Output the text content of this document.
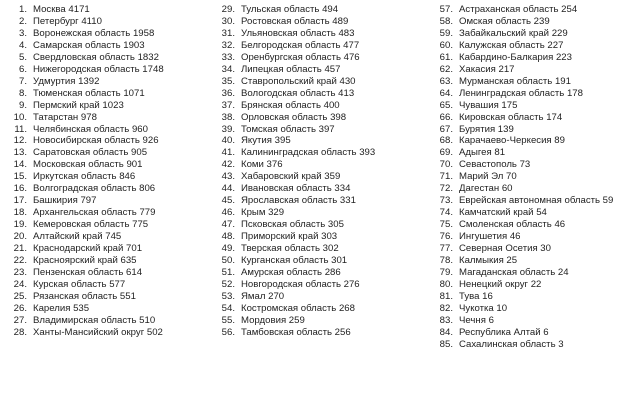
1. Москва 4171
2. Петербург 4110
3. Воронежская область 1958
4. Самарская область 1903
5. Свердловская область 1832
6. Нижегородская область 1748
7. Удмуртия 1392
8. Тюменская область 1071
9. Пермский край 1023
10. Татарстан 978
11. Челябинская область 960
12. Новосибирская область 926
13. Саратовская область 905
14. Московская область 901
15. Иркутская область 846
16. Волгоградская область 806
17. Башкирия 797
18. Архангельская область 779
19. Кемеровская область 775
20. Алтайский край 745
21. Краснодарский край 701
22. Красноярский край 635
23. Пензенская область 614
24. Курская область 577
25. Рязанская область 551
26. Карелия 535
27. Владимирская область 510
28. Ханты-Мансийский округ 502
29. Тульская область 494
30. Ростовская область 489
31. Ульяновская область 483
32. Белгородская область 477
33. Оренбургская область 476
34. Липецкая область 457
35. Ставропольский край 430
36. Вологодская область 413
37. Брянская область 400
38. Орловская область 398
39. Томская область 397
40. Якутия 395
41. Калининградская область 393
42. Коми 376
43. Хабаровский край 359
44. Ивановская область 334
45. Ярославская область 331
46. Крым 329
47. Псковская область 305
48. Приморский край 303
49. Тверская область 302
50. Курганская область 301
51. Амурская область 286
52. Новгородская область 276
53. Ямал 270
54. Костромская область 268
55. Мордовия 259
56. Тамбовская область 256
57. Астраханская область 254
58. Омская область 239
59. Забайкальский край 229
60. Калужская область 227
61. Кабардино-Балкария 223
62. Хакасия 217
63. Мурманская область 191
64. Ленинградская область 178
65. Чувашия 175
66. Кировская область 174
67. Бурятия 139
68. Карачаево-Черкесия 89
69. Адыгея 81
70. Севастополь 73
71. Марий Эл 70
72. Дагестан 60
73. Еврейская автономная область 59
74. Камчатский край 54
75. Смоленская область 46
76. Ингушетия 46
77. Северная Осетия 30
78. Калмыкия 25
79. Магаданская область 24
80. Ненецкий округ 22
81. Тува 16
82. Чукотка 10
83. Чечня 6
84. Республика Алтай 6
85. Сахалинская область 3
